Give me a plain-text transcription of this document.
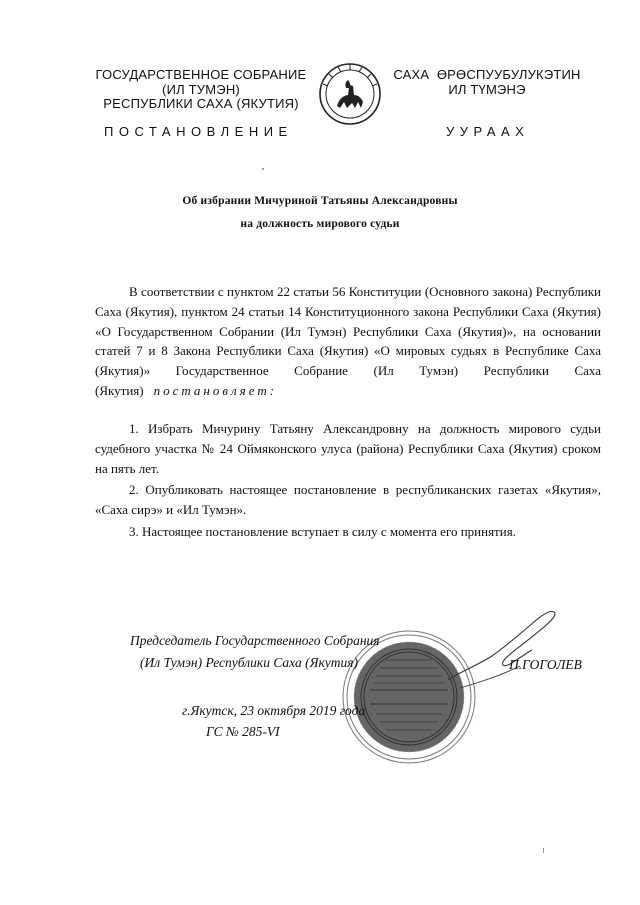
ГОСУДАРСТВЕННОЕ СОБРАНИЕ
(ИЛ ТУМЭН)
РЕСПУБЛИКИ САХА (ЯКУТИЯ)
САХА  ӨРӨСПУУБУЛУКЭТИН
ИЛ ТҮМЭНЭ
ПОСТАНОВЛЕНИЕ	УУРААХ
Об избрании Мичуриной Татьяны Александровны
на должность мирового судьи

В соответствии с пунктом 22 статьи 56 Конституции (Основного закона) Республики Саха (Якутия), пунктом 24 статьи 14 Конституционного закона Республики Саха (Якутия) «О Государственном Собрании (Ил Тумэн) Республики Саха (Якутия)», на основании статей 7 и 8 Закона Республики Саха (Якутия) «О мировых судьях в Республике Саха (Якутия)» Государственное Собрание (Ил Тумэн) Республики Саха (Якутия) постановляет:

1. Избрать Мичурину Татьяну Александровну на должность мирового судьи судебного участка № 24 Оймяконского улуса (района) Республики Саха (Якутия) сроком на пять лет.

2. Опубликовать настоящее постановление в республиканских газетах «Якутия», «Саха сирэ» и «Ил Тумэн».

3. Настоящее постановление вступает в силу с момента его принятия.

Председатель Государственного Собрания
(Ил Тумэн) Республики Саха (Якутия)	П.ГОГОЛЕВ
г.Якутск, 23 октября 2019 года
ГС № 285-VI
